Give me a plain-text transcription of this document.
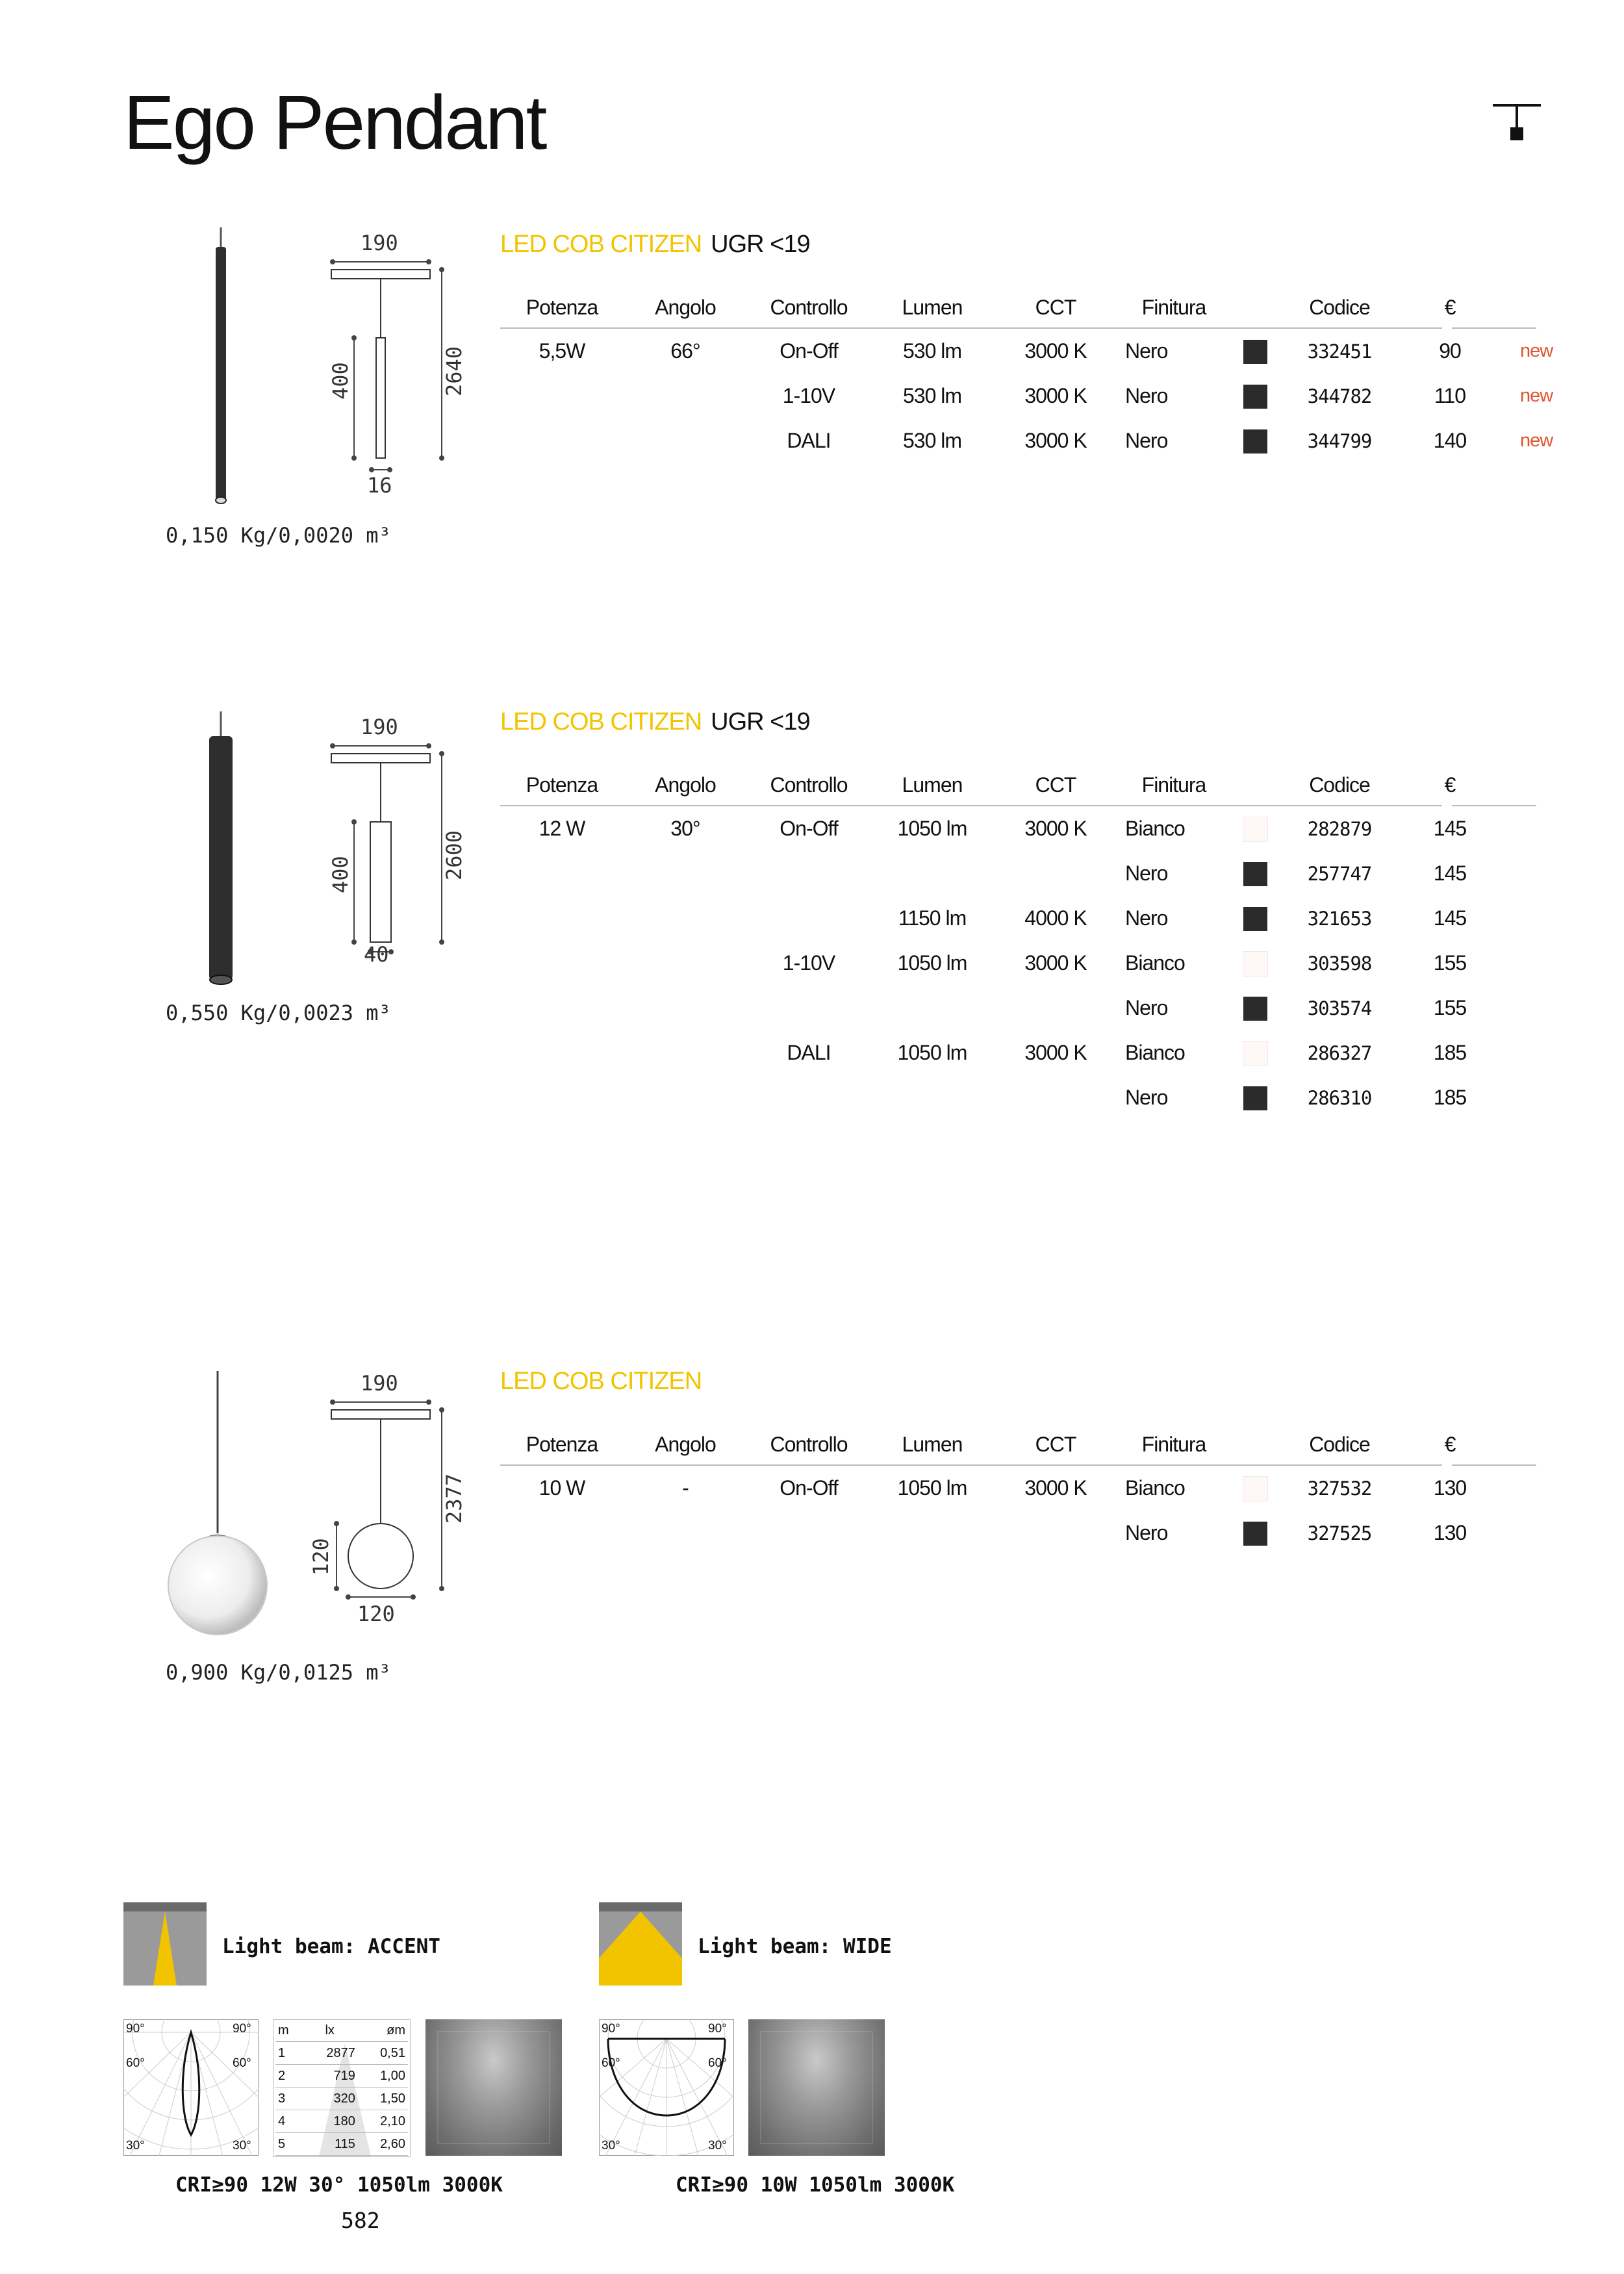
Ego Pendant
190
400	2640
16
0,150 Kg/0,0020 m³
LED COB CITIZEN UGR <19
Potenza	Angolo	Controllo	Lumen	CCT	Finitura		Codice	€	
5,5W	66°	On-Off	530 lm	3000 K	Nero		332451	90	new
		1-10V	530 lm	3000 K	Nero		344782	110	new
		DALI	530 lm	3000 K	Nero		344799	140	new
190
400	2600
40
0,550 Kg/0,0023 m³
LED COB CITIZEN UGR <19
Potenza	Angolo	Controllo	Lumen	CCT	Finitura		Codice	€	
12 W	30°	On-Off	1050 lm	3000 K	Bianco		282879	145	
					Nero		257747	145	
			1150 lm	4000 K	Nero		321653	145	
		1-10V	1050 lm	3000 K	Bianco		303598	155	
					Nero		303574	155	
		DALI	1050 lm	3000 K	Bianco		286327	185	
					Nero		286310	185	
190
120
2377
120
0,900 Kg/0,0125 m³
LED COB CITIZEN
Potenza	Angolo	Controllo	Lumen	CCT	Finitura		Codice	€	
10 W	-	On-Off	1050 lm	3000 K	Bianco		327532	130	
					Nero		327525	130	
Light beam: ACCENT
90°	90°
60°	60°
30°	30°
m	lx	øm
1	2877	0,51
2	719	1,00
3	320	1,50
4	180	2,10
5	115	2,60
CRI≥90 12W 30° 1050lm 3000K
Light beam: WIDE
90°	90°
60°	60°
30°	30°
CRI≥90 10W 1050lm 3000K
582
